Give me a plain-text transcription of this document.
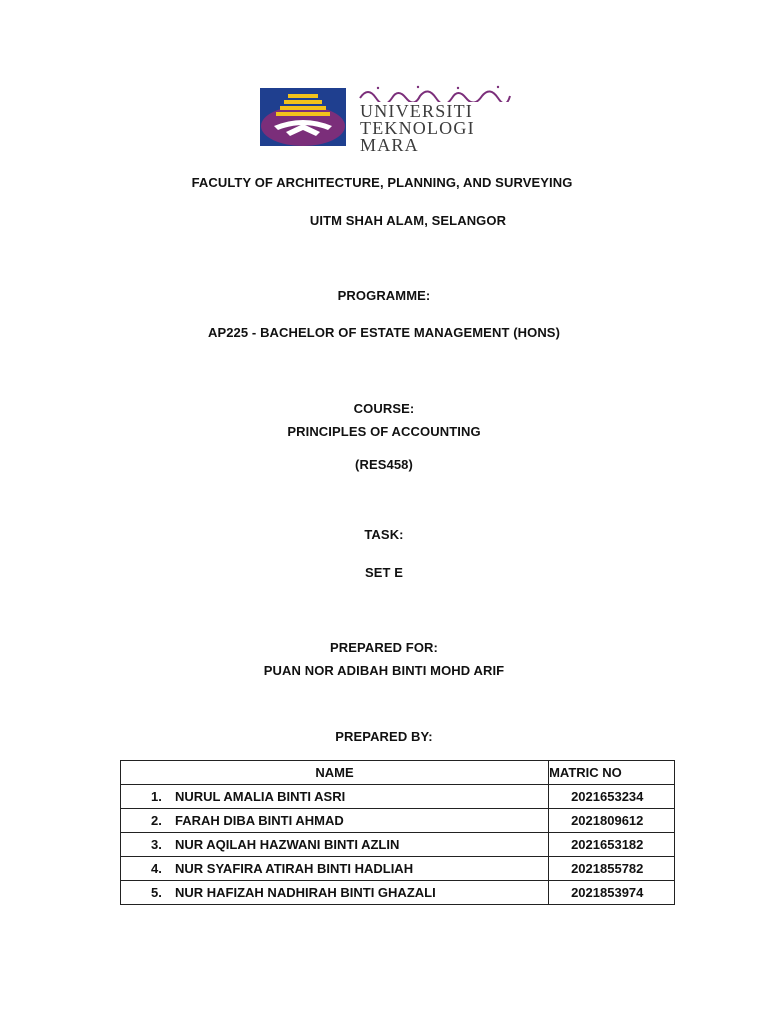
UNIVERSITI
TEKNOLOGI
MARA
FACULTY OF ARCHITECTURE, PLANNING, AND SURVEYING
UITM SHAH ALAM, SELANGOR
PROGRAMME:
AP225 - BACHELOR OF ESTATE MANAGEMENT (HONS)
COURSE:
PRINCIPLES OF ACCOUNTING
(RES458)
TASK:
SET E
PREPARED FOR:
PUAN NOR ADIBAH BINTI MOHD ARIF
PREPARED BY:
NAME	MATRIC NO
1. NURUL AMALIA BINTI ASRI	2021653234
2. FARAH DIBA BINTI AHMAD	2021809612
3. NUR AQILAH HAZWANI BINTI AZLIN	2021653182
4. NUR SYAFIRA ATIRAH BINTI HADLIAH	2021855782
5. NUR HAFIZAH NADHIRAH BINTI GHAZALI	2021853974
